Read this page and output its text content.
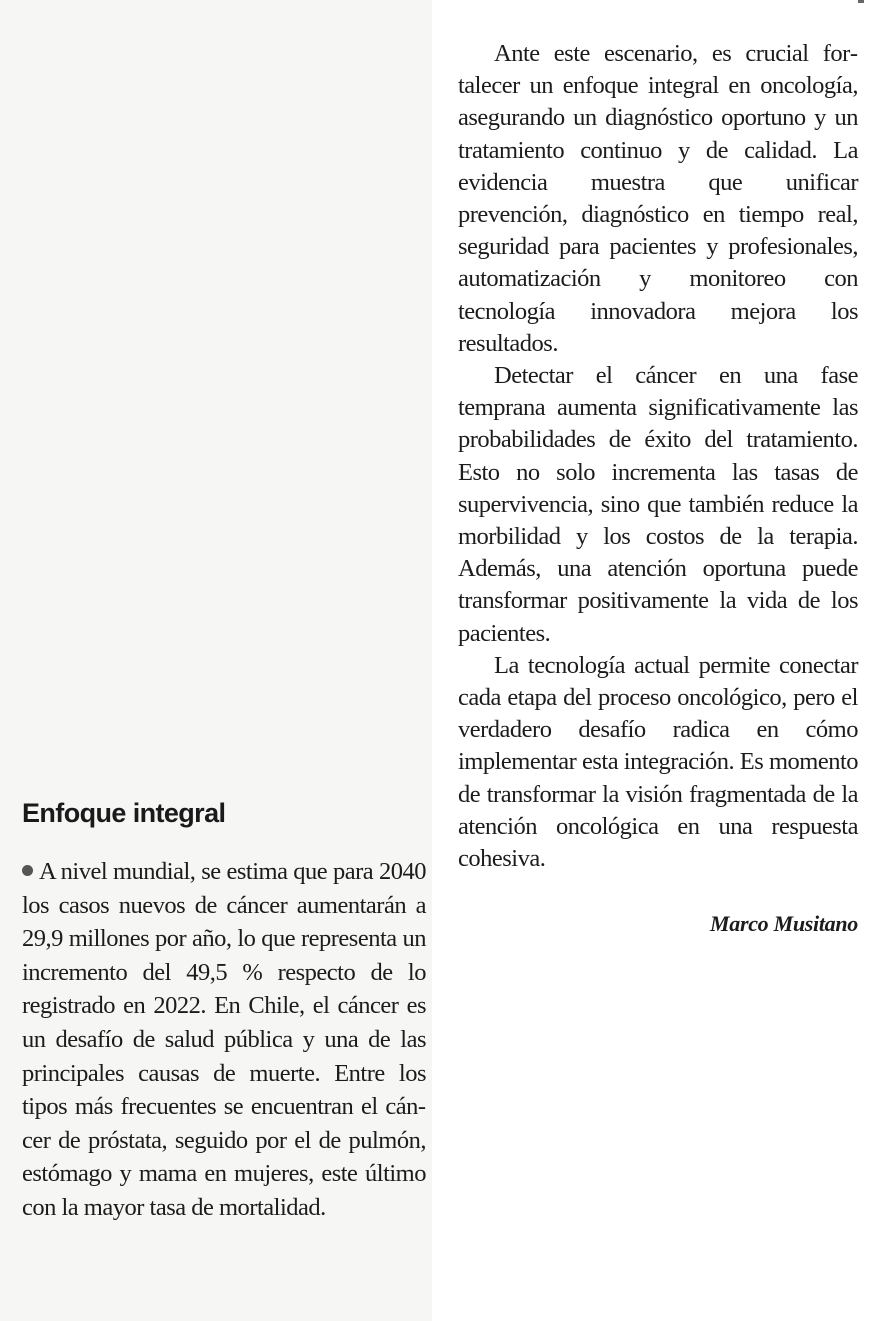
Ante este escenario, es crucial fortalecer un enfoque integral en oncología, asegurando un diagnóstico oportuno y un tratamiento continuo y de calidad. La evidencia muestra que unificar prevención, diagnóstico en tiempo real, seguridad para pacientes y profesionales, automatización y monitoreo con tecnología innovadora mejora los resultados.

Detectar el cáncer en una fase temprana aumenta significativamente las probabilidades de éxito del tratamiento. Esto no solo incrementa las tasas de supervivencia, sino que también reduce la morbilidad y los costos de la terapia. Además, una atención oportuna puede transformar positivamente la vida de los pacientes.

La tecnología actual permite conectar cada etapa del proceso oncológico, pero el verdadero desafío radica en cómo implementar esta integración. Es momento de transformar la visión fragmentada de la atención oncológica en una respuesta cohesiva.

Marco Musitano
Enfoque integral

A nivel mundial, se estima que para 2040 los casos nuevos de cáncer aumentarán a 29,9 millones por año, lo que representa un incremento del 49,5 % respecto de lo registrado en 2022. En Chile, el cáncer es un desafío de salud pública y una de las principales causas de muerte. Entre los tipos más frecuentes se encuentran el cáncer de próstata, seguido por el de pulmón, estómago y mama en mujeres, este último con la mayor tasa de mortalidad.
